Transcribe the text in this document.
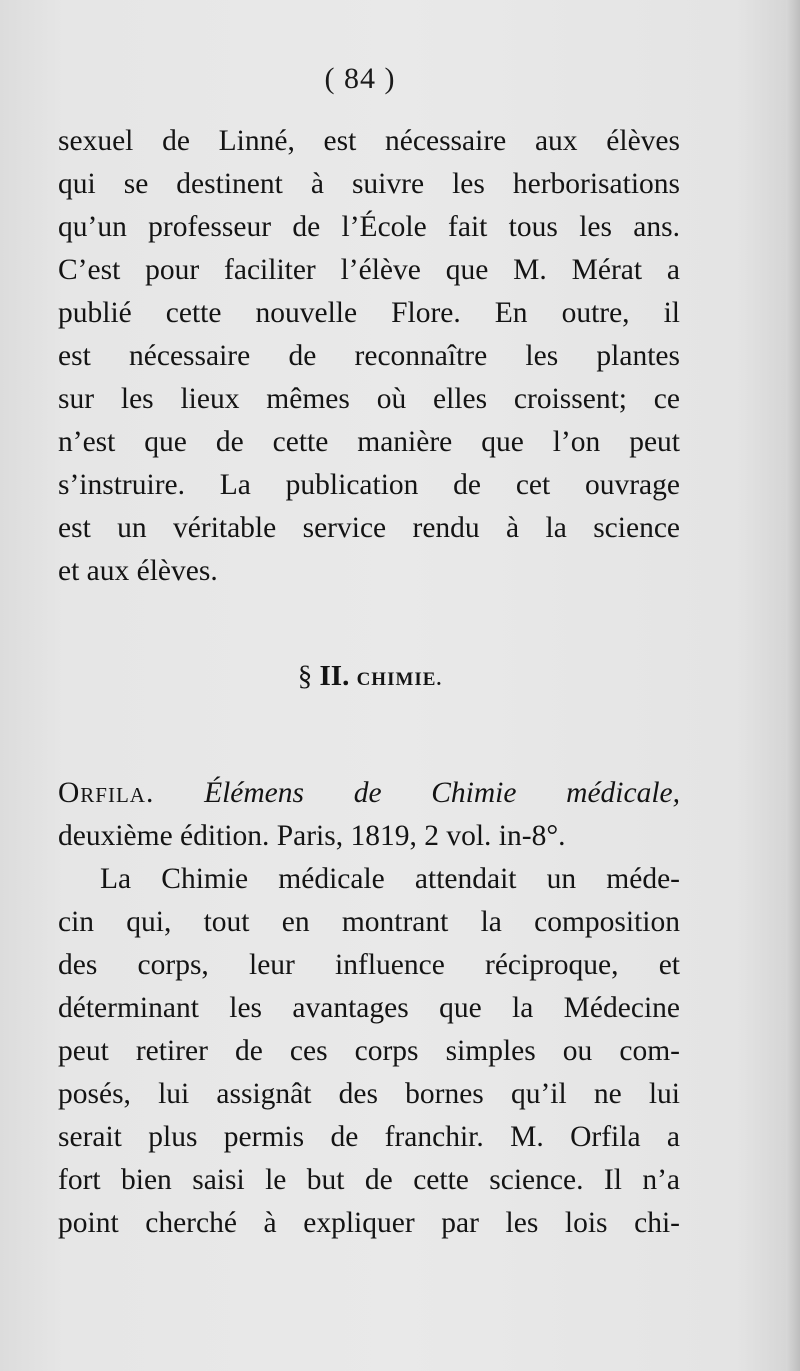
( 84 )
sexuel de Linné, est nécessaire aux élèves
qui se destinent à suivre les herborisations
qu’un professeur de l’École fait tous les ans.
C’est pour faciliter l’élève que M. Mérat a
publié cette nouvelle Flore. En outre, il
est nécessaire de reconnaître les plantes
sur les lieux mêmes où elles croissent; ce
n’est que de cette manière que l’on peut
s’instruire. La publication de cet ouvrage
est un véritable service rendu à la science
et aux élèves.
§ II. CHIMIE.
Orfila. Élémens de Chimie médicale,
deuxième édition. Paris, 1819, 2 vol. in-8°.
La Chimie médicale attendait un méde-
cin qui, tout en montrant la composition
des corps, leur influence réciproque, et
déterminant les avantages que la Médecine
peut retirer de ces corps simples ou com-
posés, lui assignât des bornes qu’il ne lui
serait plus permis de franchir. M. Orfila a
fort bien saisi le but de cette science. Il n’a
point cherché à expliquer par les lois chi-
